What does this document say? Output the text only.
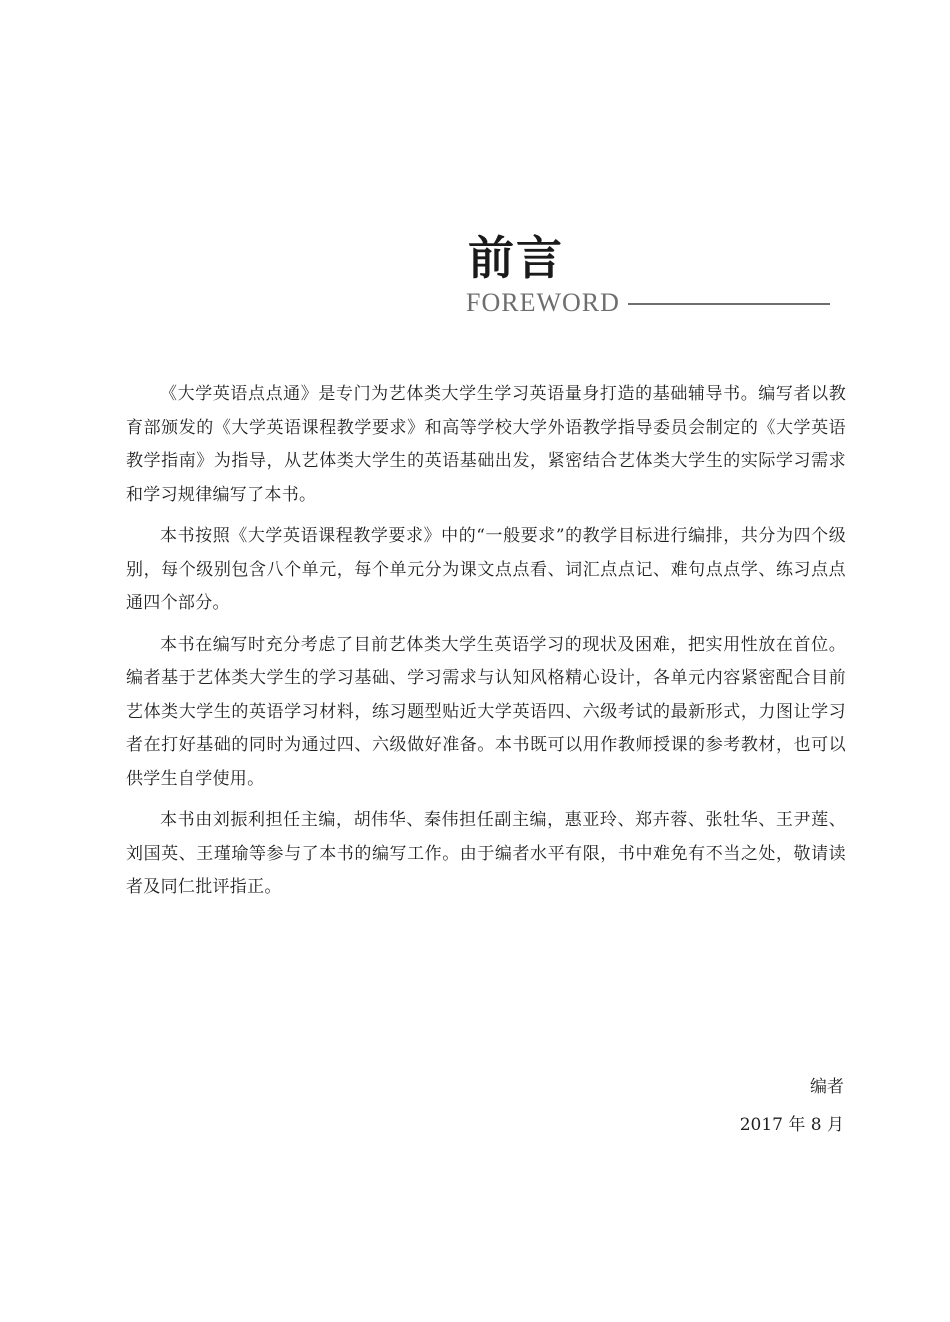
前言
FOREWORD

《大学英语点点通》是专门为艺体类大学生学习英语量身打造的基础辅导书。编写者以教育部颁发的《大学英语课程教学要求》和高等学校大学外语教学指导委员会制定的《大学英语教学指南》为指导，从艺体类大学生的英语基础出发，紧密结合艺体类大学生的实际学习需求和学习规律编写了本书。

本书按照《大学英语课程教学要求》中的“一般要求”的教学目标进行编排，共分为四个级别，每个级别包含八个单元，每个单元分为课文点点看、词汇点点记、难句点点学、练习点点通四个部分。

本书在编写时充分考虑了目前艺体类大学生英语学习的现状及困难，把实用性放在首位。编者基于艺体类大学生的学习基础、学习需求与认知风格精心设计，各单元内容紧密配合目前艺体类大学生的英语学习材料，练习题型贴近大学英语四、六级考试的最新形式，力图让学习者在打好基础的同时为通过四、六级做好准备。本书既可以用作教师授课的参考教材，也可以供学生自学使用。

本书由刘振利担任主编，胡伟华、秦伟担任副主编，惠亚玲、郑卉蓉、张牡华、王尹莲、刘国英、王瑾瑜等参与了本书的编写工作。由于编者水平有限，书中难免有不当之处，敬请读者及同仁批评指正。

编者
2017 年 8 月
